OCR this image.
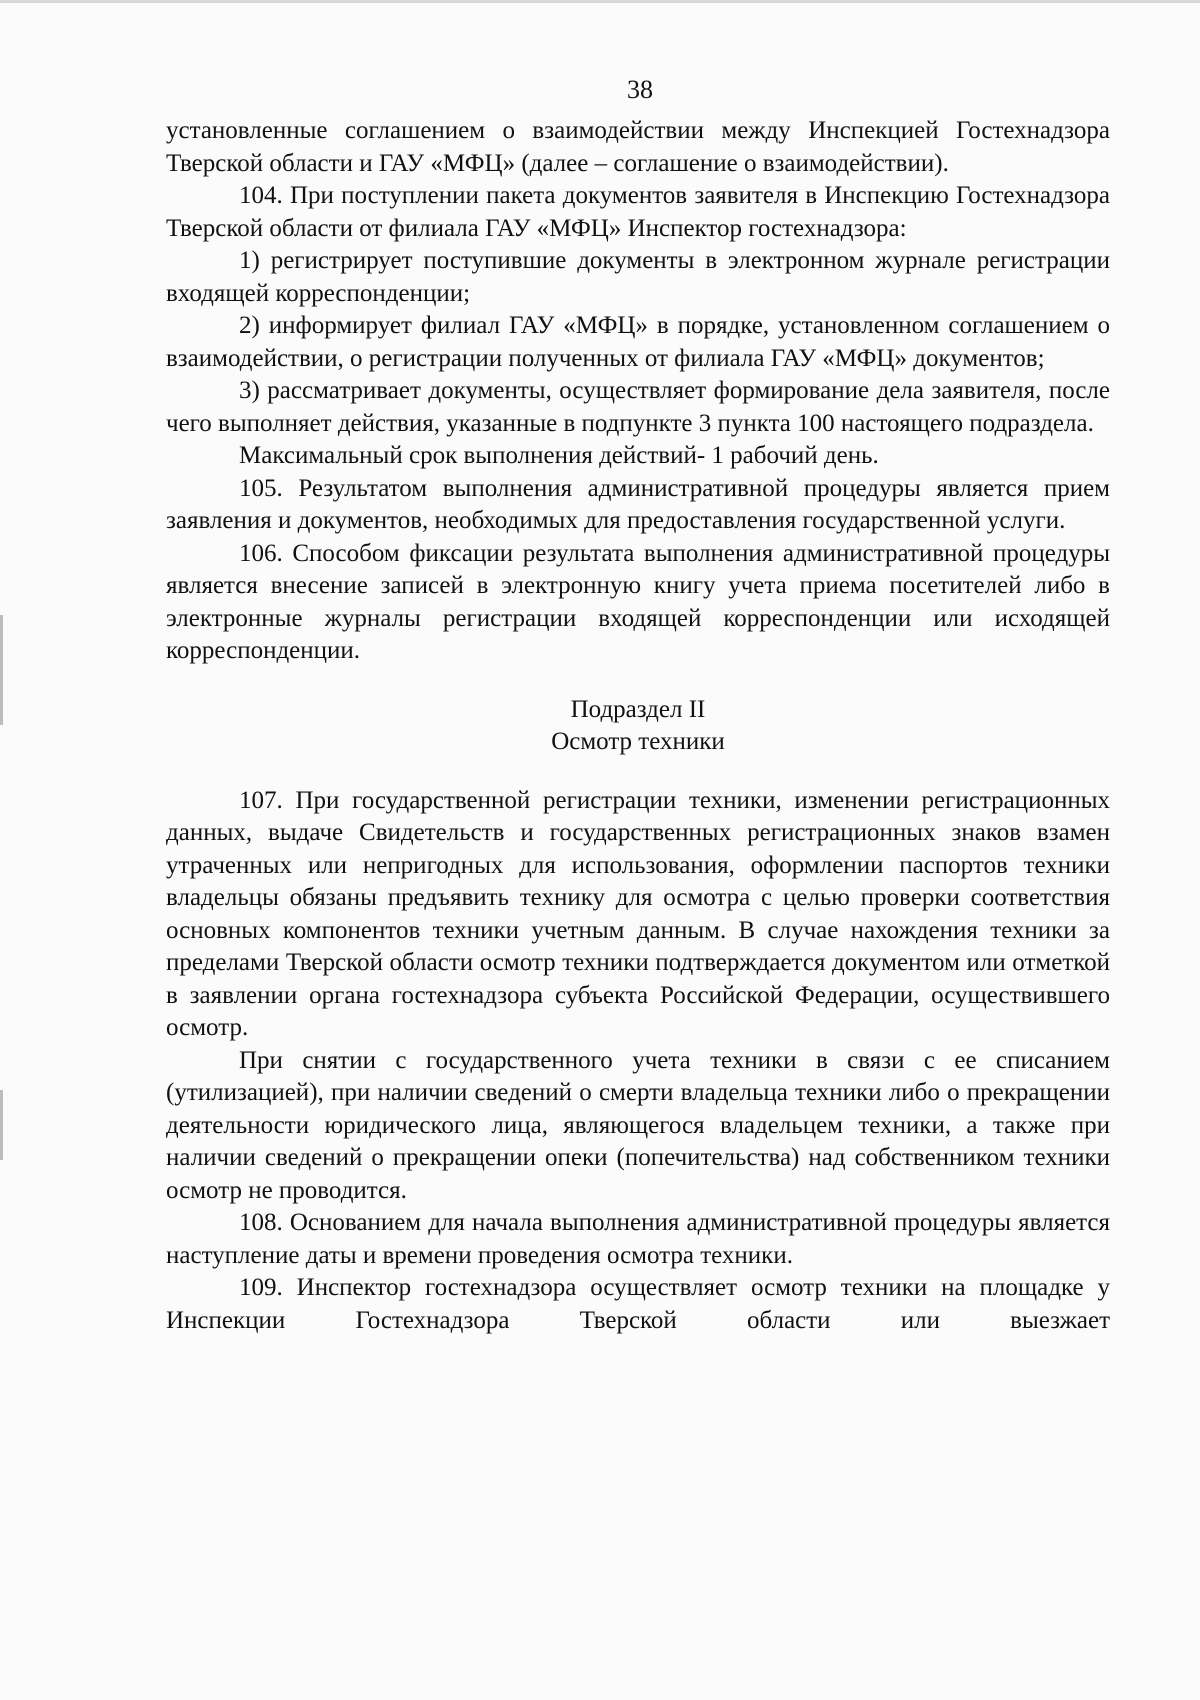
38

установленные соглашением о взаимодействии между Инспекцией Гостехнадзора Тверской области и ГАУ «МФЦ» (далее – соглашение о взаимодействии).

104. При поступлении пакета документов заявителя в Инспекцию Гостехнадзора Тверской области от филиала ГАУ «МФЦ» Инспектор гостехнадзора:

1) регистрирует поступившие документы в электронном журнале регистрации входящей корреспонденции;

2) информирует филиал ГАУ «МФЦ» в порядке, установленном соглашением о взаимодействии, о регистрации полученных от филиала ГАУ «МФЦ» документов;

3) рассматривает документы, осуществляет формирование дела заявителя, после чего выполняет действия, указанные в подпункте 3 пункта 100 настоящего подраздела.

Максимальный срок выполнения действий- 1 рабочий день.

105. Результатом выполнения административной процедуры является прием заявления и документов, необходимых для предоставления государственной услуги.

106. Способом фиксации результата выполнения административной процедуры является внесение записей в электронную книгу учета приема посетителей либо в электронные журналы регистрации входящей корреспонденции или исходящей корреспонденции.

Подраздел II

Осмотр техники

107. При государственной регистрации техники, изменении регистрационных данных, выдаче Свидетельств и государственных регистрационных знаков взамен утраченных или непригодных для использования, оформлении паспортов техники владельцы обязаны предъявить технику для осмотра с целью проверки соответствия основных компонентов техники учетным данным. В случае нахождения техники за пределами Тверской области осмотр техники подтверждается документом или отметкой в заявлении органа гостехнадзора субъекта Российской Федерации, осуществившего осмотр.

При снятии с государственного учета техники в связи с ее списанием (утилизацией), при наличии сведений о смерти владельца техники либо о прекращении деятельности юридического лица, являющегося владельцем техники, а также при наличии сведений о прекращении опеки (попечительства) над собственником техники осмотр не проводится.

108. Основанием для начала выполнения административной процедуры является наступление даты и времени проведения осмотра техники.

109. Инспектор гостехнадзора осуществляет осмотр техники на площадке у Инспекции Гостехнадзора Тверской области или выезжает
